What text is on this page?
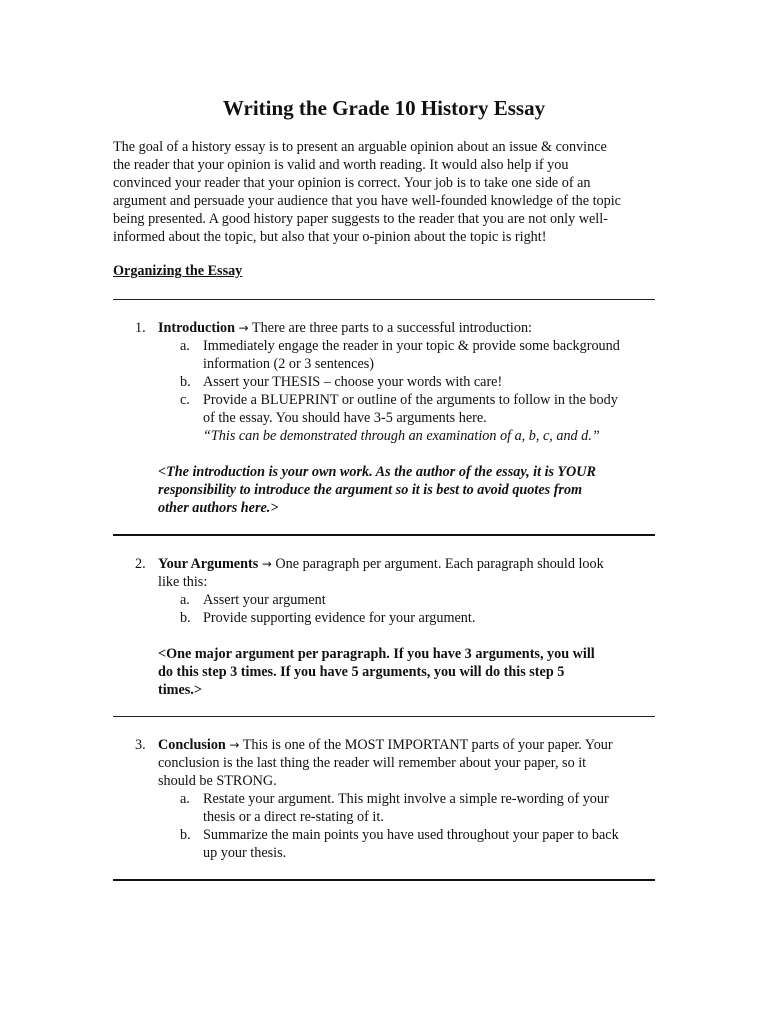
Writing the Grade 10 History Essay
The goal of a history essay is to present an arguable opinion about an issue & convince
the reader that your opinion is valid and worth reading. It would also help if you
convinced your reader that your opinion is correct. Your job is to take one side of an
argument and persuade your audience that you have well-founded knowledge of the topic
being presented. A good history paper suggests to the reader that you are not only well-
informed about the topic, but also that your o-pinion about the topic is right!

Organizing the Essay

1. Introduction → There are three parts to a successful introduction:
a. Immediately engage the reader in your topic & provide some background
information (2 or 3 sentences)
b. Assert your THESIS – choose your words with care!
c. Provide a BLUEPRINT or outline of the arguments to follow in the body
of the essay. You should have 3-5 arguments here.
“This can be demonstrated through an examination of a, b, c, and d.”
<The introduction is your own work. As the author of the essay, it is YOUR
responsibility to introduce the argument so it is best to avoid quotes from
other authors here.>
2. Your Arguments → One paragraph per argument. Each paragraph should look
like this:
a. Assert your argument
b. Provide supporting evidence for your argument.
<One major argument per paragraph. If you have 3 arguments, you will
do this step 3 times. If you have 5 arguments, you will do this step 5
times.>
3. Conclusion → This is one of the MOST IMPORTANT parts of your paper. Your
conclusion is the last thing the reader will remember about your paper, so it
should be STRONG.
a. Restate your argument. This might involve a simple re-wording of your
thesis or a direct re-stating of it.
b. Summarize the main points you have used throughout your paper to back
up your thesis.
